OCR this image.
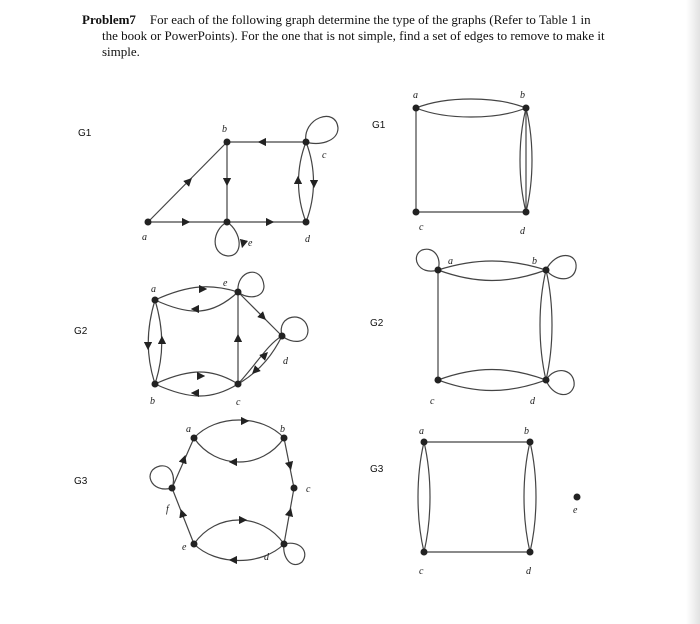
Problem7 For each of the following graph determine the type of the graphs (Refer to Table 1 in
the book or PowerPoints). For the one that is not simple, find a set of edges to remove to make it
simple.
G1
G2
G3
G1
G2
G3
a
b
c
d
e
a
b	c
d
e
a	b
c
d
e
f
a	b
c	d
a	b
c	d
a	b
c	d
e
